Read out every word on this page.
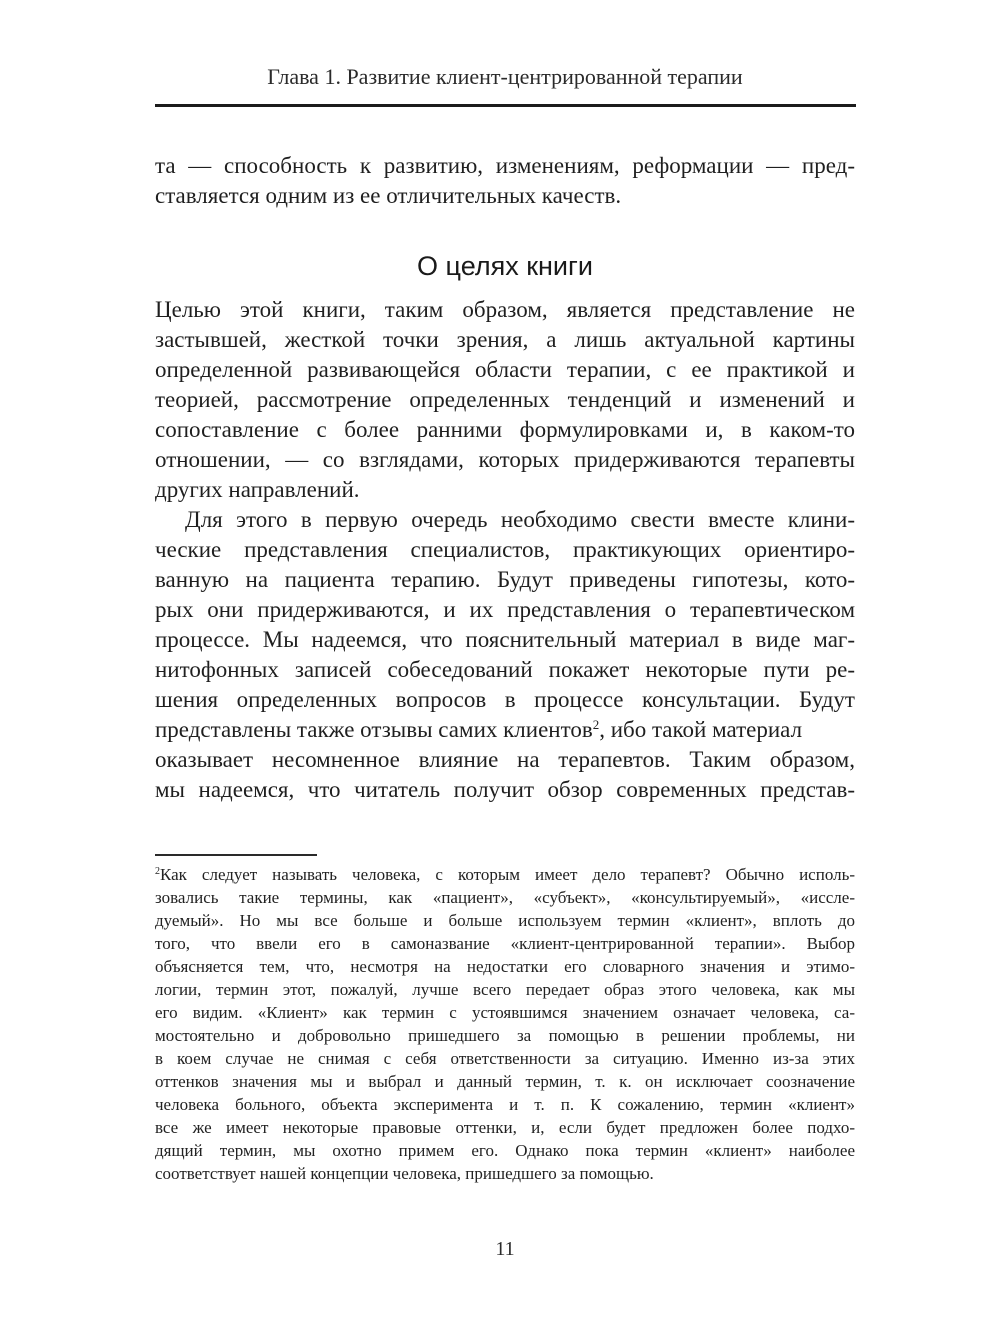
Глава 1. Развитие клиент-центрированной терапии
та — способность к развитию, изменениям, реформации — пред-
ставляется одним из ее отличительных качеств.
О целях книги
Целью этой книги, таким образом, является представление не
застывшей, жесткой точки зрения, а лишь актуальной картины
определенной развивающейся области терапии, с ее практикой и
теорией, рассмотрение определенных тенденций и изменений и
сопоставление с более ранними формулировками и, в каком-то
отношении, — со взглядами, которых придерживаются терапевты
других направлений.
Для этого в первую очередь необходимо свести вместе клини-
ческие представления специалистов, практикующих ориентиро-
ванную на пациента терапию. Будут приведены гипотезы, кото-
рых они придерживаются, и их представления о терапевтическом
процессе. Мы надеемся, что пояснительный материал в виде маг-
нитофонных записей собеседований покажет некоторые пути ре-
шения определенных вопросов в процессе консультации. Будут
представлены также отзывы самих клиентов$^2$, ибо такой материал
оказывает несомненное влияние на терапевтов. Таким образом,
мы надеемся, что читатель получит обзор современных представ-
$^2$Как следует называть человека, с которым имеет дело терапевт? Обычно исполь-
зовались такие термины, как «пациент», «субъект», «консультируемый», «иссле-
дуемый». Но мы все больше и больше используем термин «клиент», вплоть до
того, что ввели его в самоназвание «клиент-центрированной терапии». Выбор
объясняется тем, что, несмотря на недостатки его словарного значения и этимо-
логии, термин этот, пожалуй, лучше всего передает образ этого человека, как мы
его видим. «Клиент» как термин с устоявшимся значением означает человека, са-
мостоятельно и добровольно пришедшего за помощью в решении проблемы, ни
в коем случае не снимая с себя ответственности за ситуацию. Именно из-за этих
оттенков значения мы и выбрал и данный термин, т. к. он исключает соозначение
человека больного, объекта эксперимента и т. п. К сожалению, термин «клиент»
все же имеет некоторые правовые оттенки, и, если будет предложен более подхо-
дящий термин, мы охотно примем его. Однако пока термин «клиент» наиболее
соответствует нашей концепции человека, пришедшего за помощью.
11
